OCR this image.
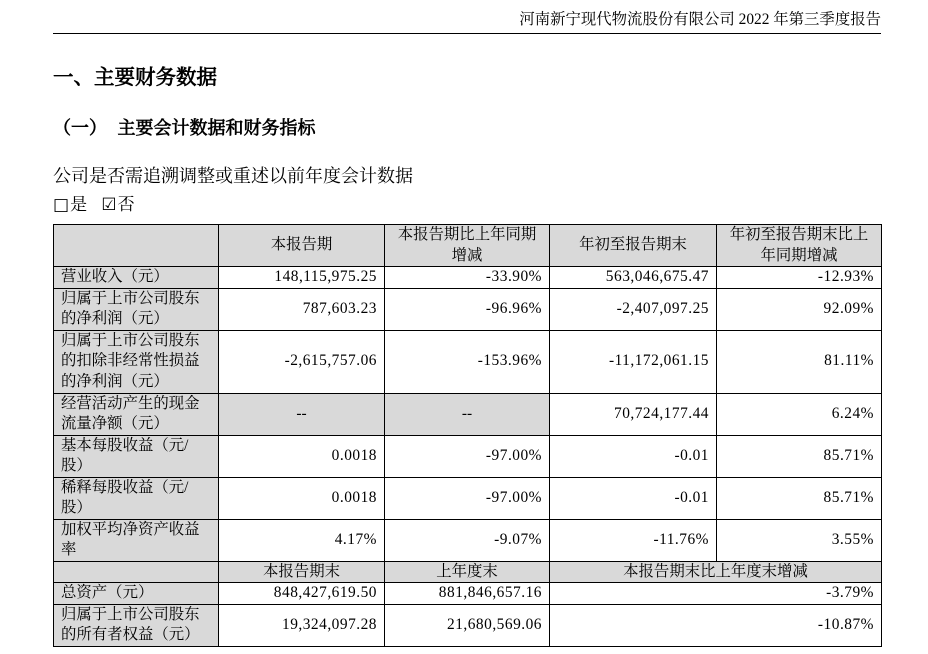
河南新宁现代物流股份有限公司 2022 年第三季度报告
一、主要财务数据
（一） 主要会计数据和财务指标

公司是否需追溯调整或重述以前年度会计数据

□是 ☑否
	本报告期	本报告期比上年同期增减	年初至报告期末	年初至报告期末比上年同期增减

营业收入（元）	148,115,975.25	-33.90%	563,046,675.47	-12.93%

归属于上市公司股东的净利润（元）	787,603.23	-96.96%	-2,407,097.25	92.09%

归属于上市公司股东的扣除非经常性损益的净利润（元）	-2,615,757.06	-153.96%	-11,172,061.15	81.11%

经营活动产生的现金流量净额（元）	--	--	70,724,177.44	6.24%

基本每股收益（元/股）	0.0018	-97.00%	-0.01	85.71%

稀释每股收益（元/股）	0.0018	-97.00%	-0.01	85.71%

加权平均净资产收益率	4.17%	-9.07%	-11.76%	3.55%
	本报告期末	上年度末	本报告期末比上年度末增减	

总资产（元）	848,427,619.50	881,846,657.16	-3.79%	

归属于上市公司股东的所有者权益（元）	19,324,097.28	21,680,569.06	-10.87%	
